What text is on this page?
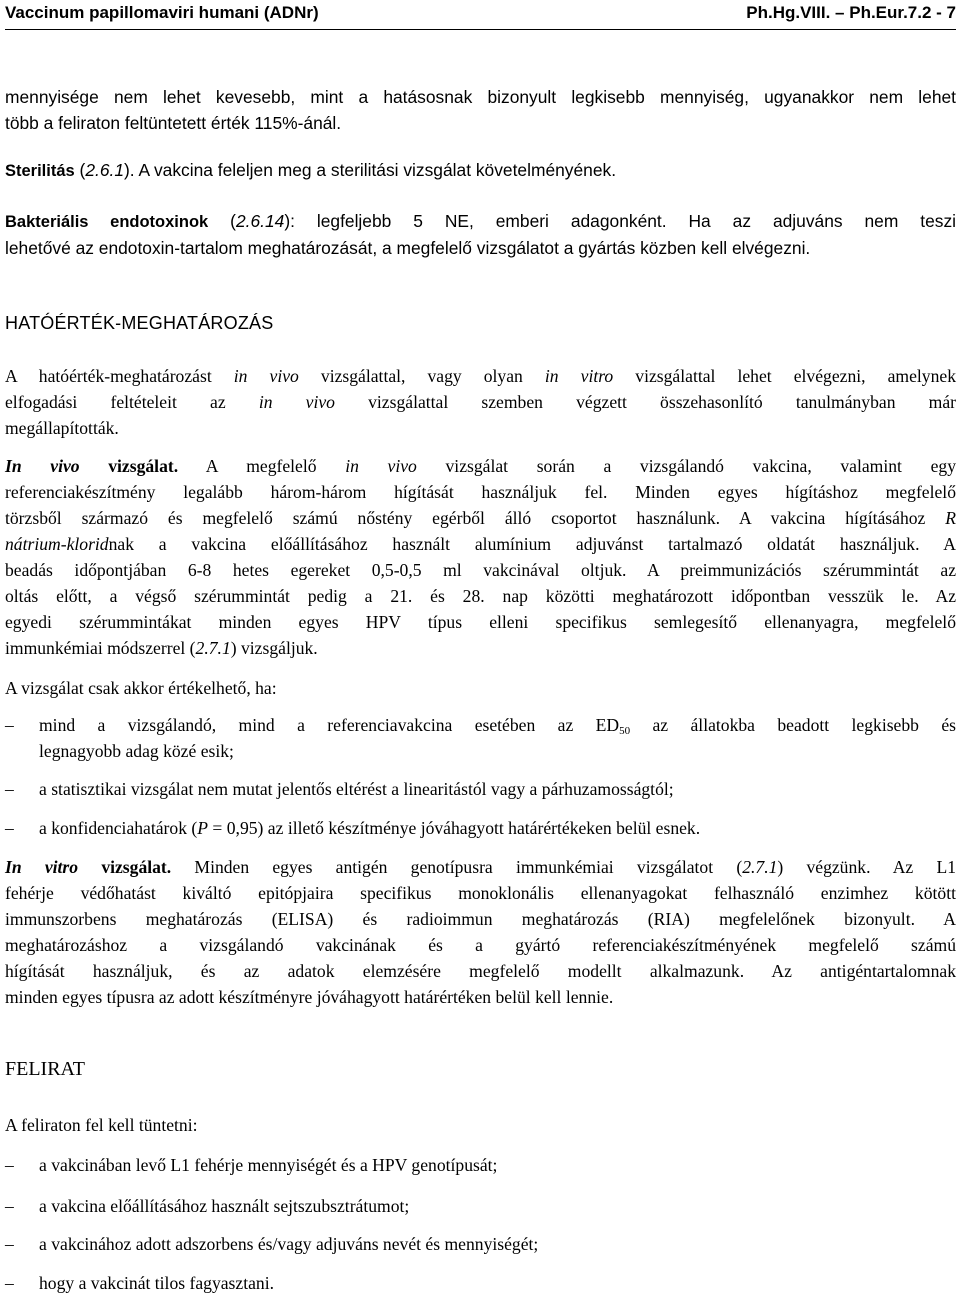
Vaccinum papillomaviri humani (ADNr)	Ph.Hg.VIII. – Ph.Eur.7.2 - 7
mennyisége nem lehet kevesebb, mint a hatásosnak bizonyult legkisebb mennyiség, ugyanakkor nem lehet
több a feliraton feltüntetett érték 115%-ánál.
Sterilitás (2.6.1). A vakcina feleljen meg a sterilitási vizsgálat követelményének.
Bakteriális endotoxinok (2.6.14): legfeljebb 5 NE, emberi adagonként. Ha az adjuváns nem teszi
lehetővé az endotoxin-tartalom meghatározását, a megfelelő vizsgálatot a gyártás közben kell elvégezni.
HATÓÉRTÉK-MEGHATÁROZÁS
A hatóérték-meghatározást in vivo vizsgálattal, vagy olyan in vitro vizsgálattal lehet elvégezni, amelynek
elfogadási feltételeit az in vivo vizsgálattal szemben végzett összehasonlító tanulmányban már
megállapították.
In vivo vizsgálat. A megfelelő in vivo vizsgálat során a vizsgálandó vakcina, valamint egy
referenciakészítmény legalább három-három hígítását használjuk fel. Minden egyes hígításhoz megfelelő
törzsből származó és megfelelő számú nőstény egérből álló csoportot használunk. A vakcina hígításához R
nátrium-kloridnak a vakcina előállításához használt alumínium adjuvánst tartalmazó oldatát használjuk. A
beadás időpontjában 6-8 hetes egereket 0,5-0,5 ml vakcinával oltjuk. A preimmunizációs szérummintát az
oltás előtt, a végső szérummintát pedig a 21. és 28. nap közötti meghatározott időpontban vesszük le. Az
egyedi szérummintákat minden egyes HPV típus elleni specifikus semlegesítő ellenanyagra, megfelelő
immunkémiai módszerrel (2.7.1) vizsgáljuk.
A vizsgálat csak akkor értékelhető, ha:
–	mind a vizsgálandó, mind a referenciavakcina esetében az $ED_{50}$ az állatokba beadott legkisebb és
legnagyobb adag közé esik;
–	a statisztikai vizsgálat nem mutat jelentős eltérést a linearitástól vagy a párhuzamosságtól;
–	a konfidenciahatárok (P = 0,95) az illető készítménye jóváhagyott határértékeken belül esnek.
In vitro vizsgálat. Minden egyes antigén genotípusra immunkémiai vizsgálatot (2.7.1) végzünk. Az L1
fehérje védőhatást kiváltó epitópjaira specifikus monoklonális ellenanyagokat felhasználó enzimhez kötött
immunszorbens meghatározás (ELISA) és radioimmun meghatározás (RIA) megfelelőnek bizonyult. A
meghatározáshoz a vizsgálandó vakcinának és a gyártó referenciakészítményének megfelelő számú
hígítását használjuk, és az adatok elemzésére megfelelő modellt alkalmazunk. Az antigéntartalomnak
minden egyes típusra az adott készítményre jóváhagyott határértéken belül kell lennie.
FELIRAT
A feliraton fel kell tüntetni:
–	a vakcinában levő L1 fehérje mennyiségét és a HPV genotípusát;
–	a vakcina előállításához használt sejtszubsztrátumot;
–	a vakcinához adott adszorbens és/vagy adjuváns nevét és mennyiségét;
–	hogy a vakcinát tilos fagyasztani.
